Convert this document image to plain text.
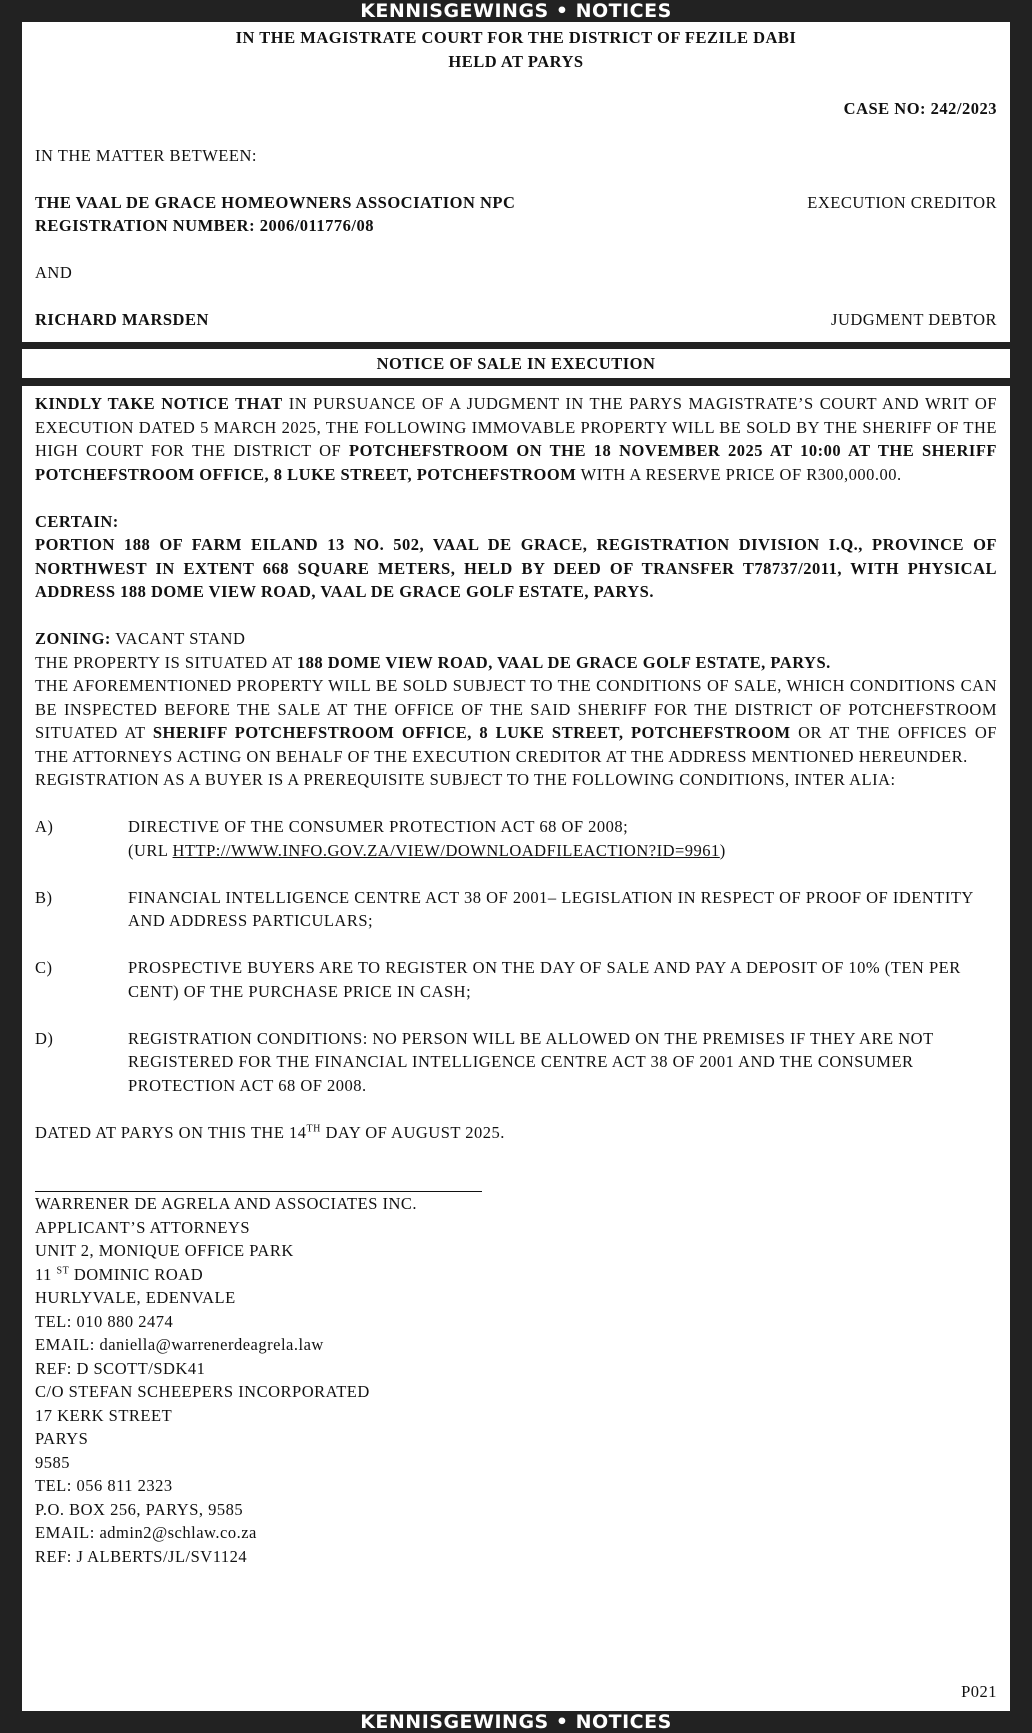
KENNISGEWINGS • NOTICES
IN THE MAGISTRATE COURT FOR THE DISTRICT OF FEZILE DABI
HELD AT PARYS
CASE NO: 242/2023
IN THE MATTER BETWEEN:
THE VAAL DE GRACE HOMEOWNERS ASSOCIATION NPC	EXECUTION CREDITOR
REGISTRATION NUMBER: 2006/011776/08
AND
RICHARD MARSDEN	JUDGMENT DEBTOR
NOTICE OF SALE IN EXECUTION
KINDLY TAKE NOTICE THAT IN PURSUANCE OF A JUDGMENT IN THE PARYS MAGISTRATE’S COURT AND WRIT OF EXECUTION DATED 5 MARCH 2025, THE FOLLOWING IMMOVABLE PROPERTY WILL BE SOLD BY THE SHERIFF OF THE HIGH COURT FOR THE DISTRICT OF POTCHEFSTROOM ON THE 18 NOVEMBER 2025 AT 10:00 AT THE SHERIFF POTCHEFSTROOM OFFICE, 8 LUKE STREET, POTCHEFSTROOM WITH A RESERVE PRICE OF R300,000.00.
CERTAIN:
PORTION 188 OF FARM EILAND 13 NO. 502, VAAL DE GRACE, REGISTRATION DIVISION I.Q., PROVINCE OF NORTHWEST IN EXTENT 668 SQUARE METERS, HELD BY DEED OF TRANSFER T78737/2011, WITH PHYSICAL ADDRESS 188 DOME VIEW ROAD, VAAL DE GRACE GOLF ESTATE, PARYS.
ZONING: VACANT STAND
THE PROPERTY IS SITUATED AT 188 DOME VIEW ROAD, VAAL DE GRACE GOLF ESTATE, PARYS.
THE AFOREMENTIONED PROPERTY WILL BE SOLD SUBJECT TO THE CONDITIONS OF SALE, WHICH CONDITIONS CAN BE INSPECTED BEFORE THE SALE AT THE OFFICE OF THE SAID SHERIFF FOR THE DISTRICT OF POTCHEFSTROOM SITUATED AT SHERIFF POTCHEFSTROOM OFFICE, 8 LUKE STREET, POTCHEFSTROOM OR AT THE OFFICES OF THE ATTORNEYS ACTING ON BEHALF OF THE EXECUTION CREDITOR AT THE ADDRESS MENTIONED HEREUNDER.
REGISTRATION AS A BUYER IS A PREREQUISITE SUBJECT TO THE FOLLOWING CONDITIONS, INTER ALIA:
A)	DIRECTIVE OF THE CONSUMER PROTECTION ACT 68 OF 2008;
(URL HTTP://WWW.INFO.GOV.ZA/VIEW/DOWNLOADFILEACTION?ID=9961)
B)	FINANCIAL INTELLIGENCE CENTRE ACT 38 OF 2001– LEGISLATION IN RESPECT OF PROOF OF IDENTITY AND ADDRESS PARTICULARS;
C)	PROSPECTIVE BUYERS ARE TO REGISTER ON THE DAY OF SALE AND PAY A DEPOSIT OF 10% (TEN PER CENT) OF THE PURCHASE PRICE IN CASH;
D)	REGISTRATION CONDITIONS: NO PERSON WILL BE ALLOWED ON THE PREMISES IF THEY ARE NOT REGISTERED FOR THE FINANCIAL INTELLIGENCE CENTRE ACT 38 OF 2001 AND THE CONSUMER PROTECTION ACT 68 OF 2008.
DATED AT PARYS ON THIS THE 14TH DAY OF AUGUST 2025.
WARRENER DE AGRELA AND ASSOCIATES INC.
APPLICANT’S ATTORNEYS
UNIT 2, MONIQUE OFFICE PARK
11 $^{ST}$ DOMINIC ROAD
HURLYVALE, EDENVALE
TEL: 010 880 2474
EMAIL: daniella@warrenerdeagrela.law
REF: D SCOTT/SDK41
C/O STEFAN SCHEEPERS INCORPORATED
17 KERK STREET
PARYS
9585
TEL: 056 811 2323
P.O. BOX 256, PARYS, 9585
EMAIL: admin2@schlaw.co.za
REF: J ALBERTS/JL/SV1124
P021
KENNISGEWINGS • NOTICES
